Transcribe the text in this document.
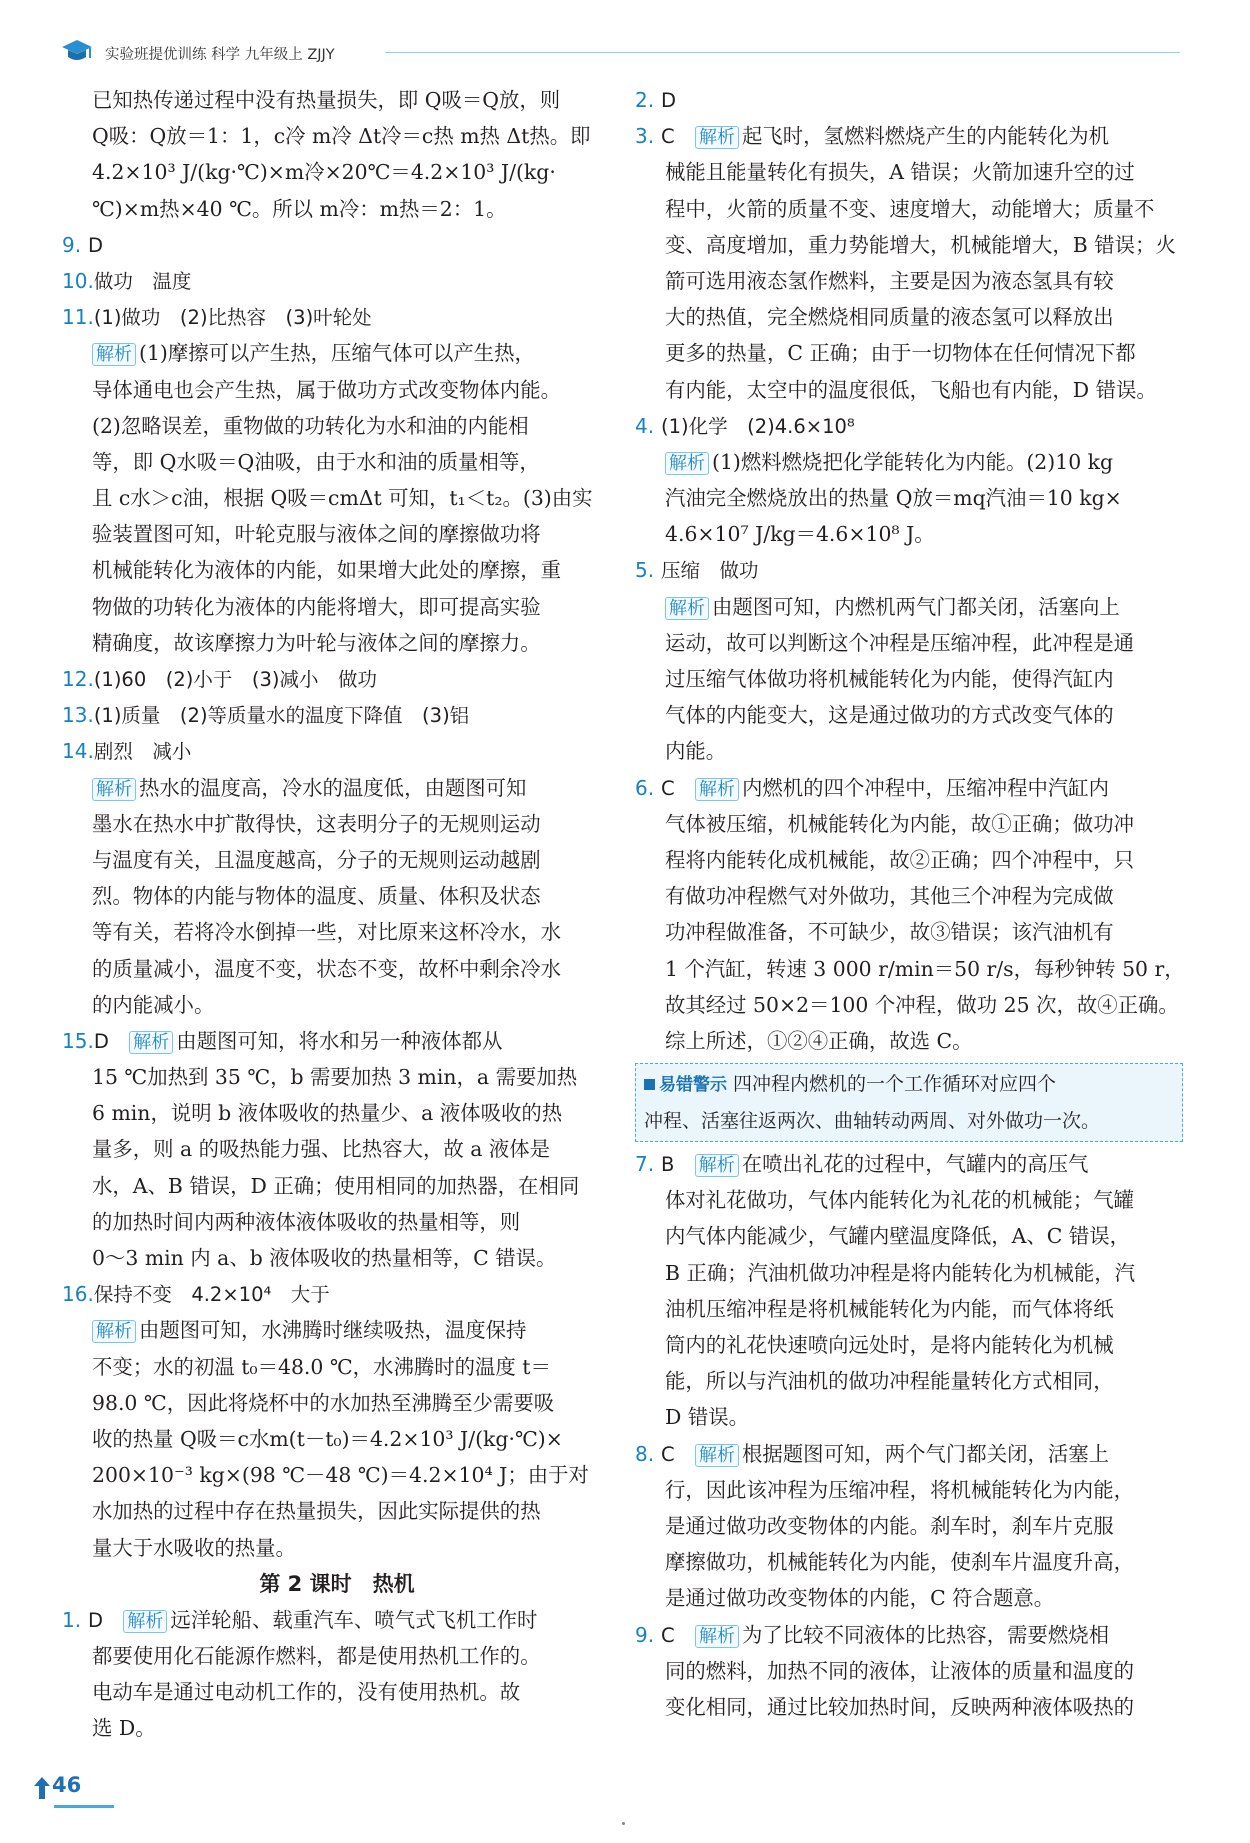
实验班提优训练 科学 九年级上 ZJJY
已知热传递过程中没有热量损失，即 Q吸＝Q放，则
Q吸：Q放＝1：1，c冷 m冷 Δt冷＝c热 m热 Δt热。即
4.2×10³ J/(kg·℃)×m冷×20℃＝4.2×10³ J/(kg·
℃)×m热×40 ℃。所以 m冷：m热＝2：1。
9. D
10.做功　温度
11.(1)做功　(2)比热容　(3)叶轮处
解析 (1)摩擦可以产生热，压缩气体可以产生热，
导体通电也会产生热，属于做功方式改变物体内能。
(2)忽略误差，重物做的功转化为水和油的内能相
等，即 Q水吸＝Q油吸，由于水和油的质量相等，
且 c水＞c油，根据 Q吸＝cmΔt 可知，t₁＜t₂。(3)由实
验装置图可知，叶轮克服与液体之间的摩擦做功将
机械能转化为液体的内能，如果增大此处的摩擦，重
物做的功转化为液体的内能将增大，即可提高实验
精确度，故该摩擦力为叶轮与液体之间的摩擦力。
12.(1)60　(2)小于　(3)减小　做功
13.(1)质量　(2)等质量水的温度下降值　(3)铝
14.剧烈　减小
解析 热水的温度高，冷水的温度低，由题图可知
墨水在热水中扩散得快，这表明分子的无规则运动
与温度有关，且温度越高，分子的无规则运动越剧
烈。物体的内能与物体的温度、质量、体积及状态
等有关，若将冷水倒掉一些，对比原来这杯冷水，水
的质量减小，温度不变，状态不变，故杯中剩余冷水
的内能减小。
15.D　 解析 由题图可知，将水和另一种液体都从
15 ℃加热到 35 ℃，b 需要加热 3 min，a 需要加热
6 min，说明 b 液体吸收的热量少、a 液体吸收的热
量多，则 a 的吸热能力强、比热容大，故 a 液体是
水，A、B 错误，D 正确；使用相同的加热器，在相同
的加热时间内两种液体液体吸收的热量相等，则
0～3 min 内 a、b 液体吸收的热量相等，C 错误。
16.保持不变　4.2×10⁴　大于
解析 由题图可知，水沸腾时继续吸热，温度保持
不变；水的初温 t₀＝48.0 ℃，水沸腾时的温度 t＝
98.0 ℃，因此将烧杯中的水加热至沸腾至少需要吸
收的热量 Q吸＝c水m(t－t₀)＝4.2×10³ J/(kg·℃)×
200×10⁻³ kg×(98 ℃－48 ℃)＝4.2×10⁴ J；由于对
水加热的过程中存在热量损失，因此实际提供的热
量大于水吸收的热量。
第 2 课时　热机
1. D　 解析 远洋轮船、载重汽车、喷气式飞机工作时
都要使用化石能源作燃料，都是使用热机工作的。
电动车是通过电动机工作的，没有使用热机。故
选 D。
2. D
3. C　 解析 起飞时，氢燃料燃烧产生的内能转化为机
械能且能量转化有损失，A 错误；火箭加速升空的过
程中，火箭的质量不变、速度增大，动能增大；质量不
变、高度增加，重力势能增大，机械能增大，B 错误；火
箭可选用液态氢作燃料，主要是因为液态氢具有较
大的热值，完全燃烧相同质量的液态氢可以释放出
更多的热量，C 正确；由于一切物体在任何情况下都
有内能，太空中的温度很低，飞船也有内能，D 错误。
4. (1)化学　(2)4.6×10⁸
解析 (1)燃料燃烧把化学能转化为内能。(2)10 kg
汽油完全燃烧放出的热量 Q放＝mq汽油＝10 kg×
4.6×10⁷ J/kg＝4.6×10⁸ J。
5. 压缩　做功
解析 由题图可知，内燃机两气门都关闭，活塞向上
运动，故可以判断这个冲程是压缩冲程，此冲程是通
过压缩气体做功将机械能转化为内能，使得汽缸内
气体的内能变大，这是通过做功的方式改变气体的
内能。
6. C　 解析 内燃机的四个冲程中，压缩冲程中汽缸内
气体被压缩，机械能转化为内能，故①正确；做功冲
程将内能转化成机械能，故②正确；四个冲程中，只
有做功冲程燃气对外做功，其他三个冲程为完成做
功冲程做准备，不可缺少，故③错误；该汽油机有
1 个汽缸，转速 3 000 r/min＝50 r/s，每秒钟转 50 r，
故其经过 50×2＝100 个冲程，做功 25 次，故④正确。
综上所述，①②④正确，故选 C。
易错警示 四冲程内燃机的一个工作循环对应四个
冲程、活塞往返两次、曲轴转动两周、对外做功一次。
7. B　 解析 在喷出礼花的过程中，气罐内的高压气
体对礼花做功，气体内能转化为礼花的机械能；气罐
内气体内能减少，气罐内壁温度降低，A、C 错误，
B 正确；汽油机做功冲程是将内能转化为机械能，汽
油机压缩冲程是将机械能转化为内能，而气体将纸
筒内的礼花快速喷向远处时，是将内能转化为机械
能，所以与汽油机的做功冲程能量转化方式相同，
D 错误。
8. C　 解析 根据题图可知，两个气门都关闭，活塞上
行，因此该冲程为压缩冲程，将机械能转化为内能，
是通过做功改变物体的内能。刹车时，刹车片克服
摩擦做功，机械能转化为内能，使刹车片温度升高，
是通过做功改变物体的内能，C 符合题意。
9. C　 解析 为了比较不同液体的比热容，需要燃烧相
同的燃料，加热不同的液体，让液体的质量和温度的
变化相同，通过比较加热时间，反映两种液体吸热的
46
